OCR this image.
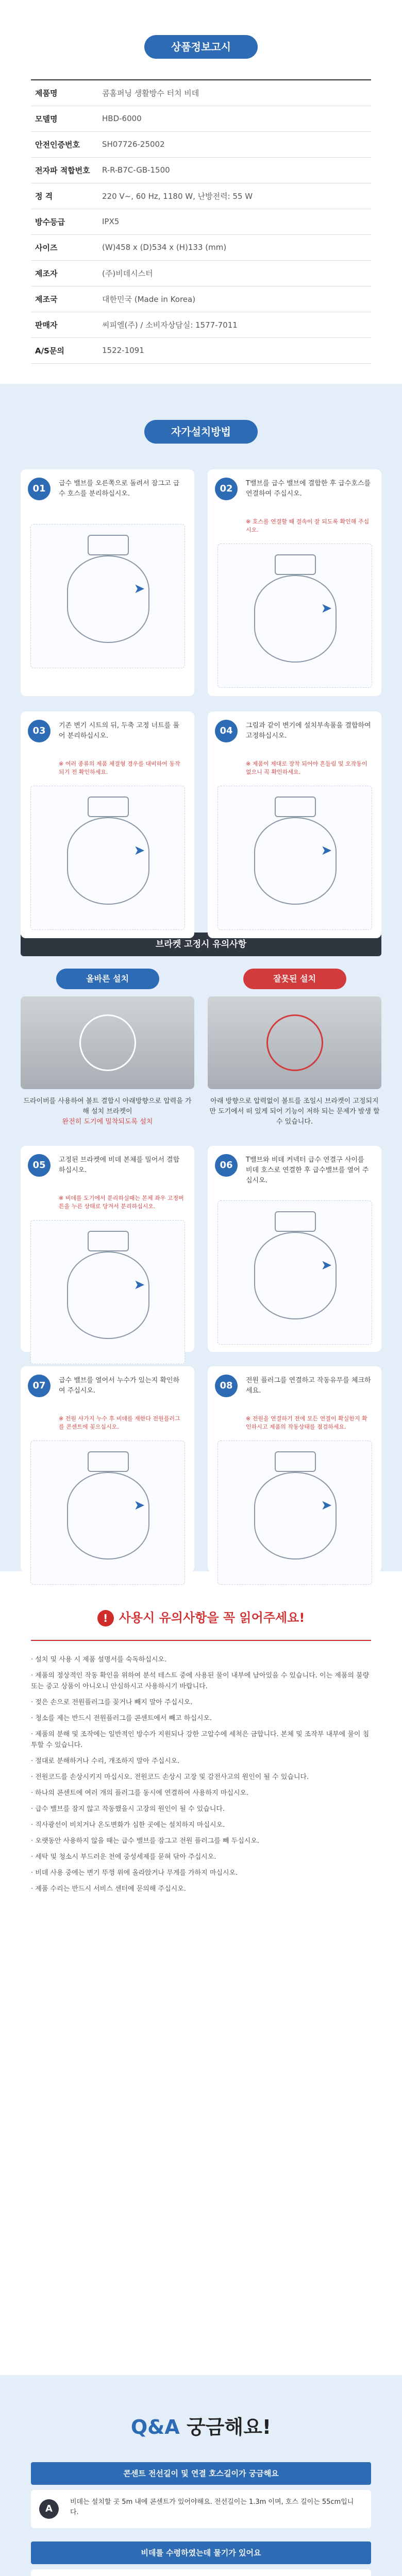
상품정보고시
제품명	콤홈퍼닝 생활방수 터치 비데
모델명	HBD-6000
안전인증번호	SH07726-25002
전자파 적합번호	R-R-B7C-GB-1500
정 격	220 V~, 60 Hz, 1180 W, 난방전력: 55 W
방수등급	IPX5
사이즈	(W)458 x (D)534 x (H)133 (mm)
제조자	(주)비데시스터
제조국	대한민국 (Made in Korea)
판매자	씨피엘(주) / 소비자상담실: 1577-7011
A/S문의	1522-1091
자가설치방법
01	급수 밸브를 오른쪽으로 돌려서 잠그고 급수 호스를 분리하십시오.
➤
02	T밸브를 급수 밸브에 결합한 후 급수호스를 연결하여 주십시오.
※ 호스를 연결할 때 결속이 잘 되도록 확인해 주십시오.
➤
03	기존 변기 시트의 뒤, 두축 고정 너트를 풀어 분리하십시오.
※ 여러 종류의 제품 체결형 경우를 대비하여 동작되기 전 확인하세요.
➤
04	그림과 같이 변기에 설치부속품을 결합하여 고정하십시오.
※ 제품이 제대로 장착 되어야 흔들림 및 오작동이 없으니 꼭 확인하세요.
➤
브라켓 고정시 유의사항
올바른 설치
드라이버를 사용하여 볼트 결합시 아래방향으로 압력을 가해 설치 브라켓이
완전히 도기에 밀착되도록 설치
잘못된 설치
아래 방향으로 압력없이 볼트를 조일시 브라켓이 고정되지만 도기에서 떠 있게 되어 기능이 저하 되는 문제가 발생 할 수 있습니다.
05	고정된 브라켓에 비데 본체를 밀어서 결합 하십시오.
※ 비데를 도기에서 분리하실때는 본체 좌우 고정버튼을 누른 상태로 당겨서 분리하십시오.
➤
06	T밸브와 비데 커넥터 급수 연결구 사이를 비데 호스로 연결한 후 급수밸브를 열어 주십시오.
➤
07	급수 밸브를 열어서 누수가 있는지 확인하여 주십시오.
※ 전원 사가지 누수 후 비데를 재한다 전원플러그를 콘센트에 꽂으십시오.
➤
08	전원 플러그를 연결하고 작동유무를 체크하세요.
※ 전원을 연결하기 전에 모든 연결이 확실한지 확인하시고 제품의 작동상태를 점검하세요.
➤
! 사용시 유의사항을 꼭 읽어주세요!
· 설치 및 사용 시 제품 설명서를 숙독하십시오.
· 제품의 정상적인 작동 확인을 위하여 분석 테스트 중에 사용된 물이 내부에 남아있을 수 있습니다. 이는 제품의 불량 또는 중고 상품이 아니오니 안심하시고 사용하시기 바랍니다.
· 젖은 손으로 전원플러그를 꽂거나 빼지 말아 주십시오.
· 청소를 제는 반드시 전원플러그를 콘센트에서 빼고 하십시오.
· 제품의 분해 및 조작에는 일반적인 방수가 지원되나 강한 고압수에 세척은 금합니다. 본체 및 조작부 내부에 물이 침투할 수 있습니다.
· 절대로 분해하거나 수리, 개조하지 말아 주십시오.
· 전원코드를 손상시키지 마십시오. 전원코드 손상시 고장 및 감전사고의 원인이 될 수 있습니다.
· 하나의 콘센트에 여러 개의 플러그를 동시에 연결하여 사용하지 마십시오.
· 급수 밸브를 잠지 않고 작동했을시 고장의 원인이 될 수 있습니다.
· 직사광선이 비치거나 온도변화가 심한 곳에는 설치하지 마십시오.
· 오랫동안 사용하지 않을 때는 급수 밸브를 잠그고 전원 플러그를 빼 두십시오.
· 세탁 및 청소시 부드러운 천에 중성세제를 묻혀 닦아 주십시오.
· 비데 사용 중에는 변기 뚜껑 위에 올라앉거나 무게를 가하지 마십시오.
· 제품 수리는 반드시 서비스 센터에 문의해 주십시오.
Q&A 궁금해요!
콘센트 전선길이 및 연결 호스길이가 궁금해요
A
비데는 설치할 곳 5m 내에 콘센트가 있어야해요. 전선길이는 1.3m 이며, 호스 길이는 55cm입니다.
비데를 수령하였는데 물기가 있어요
